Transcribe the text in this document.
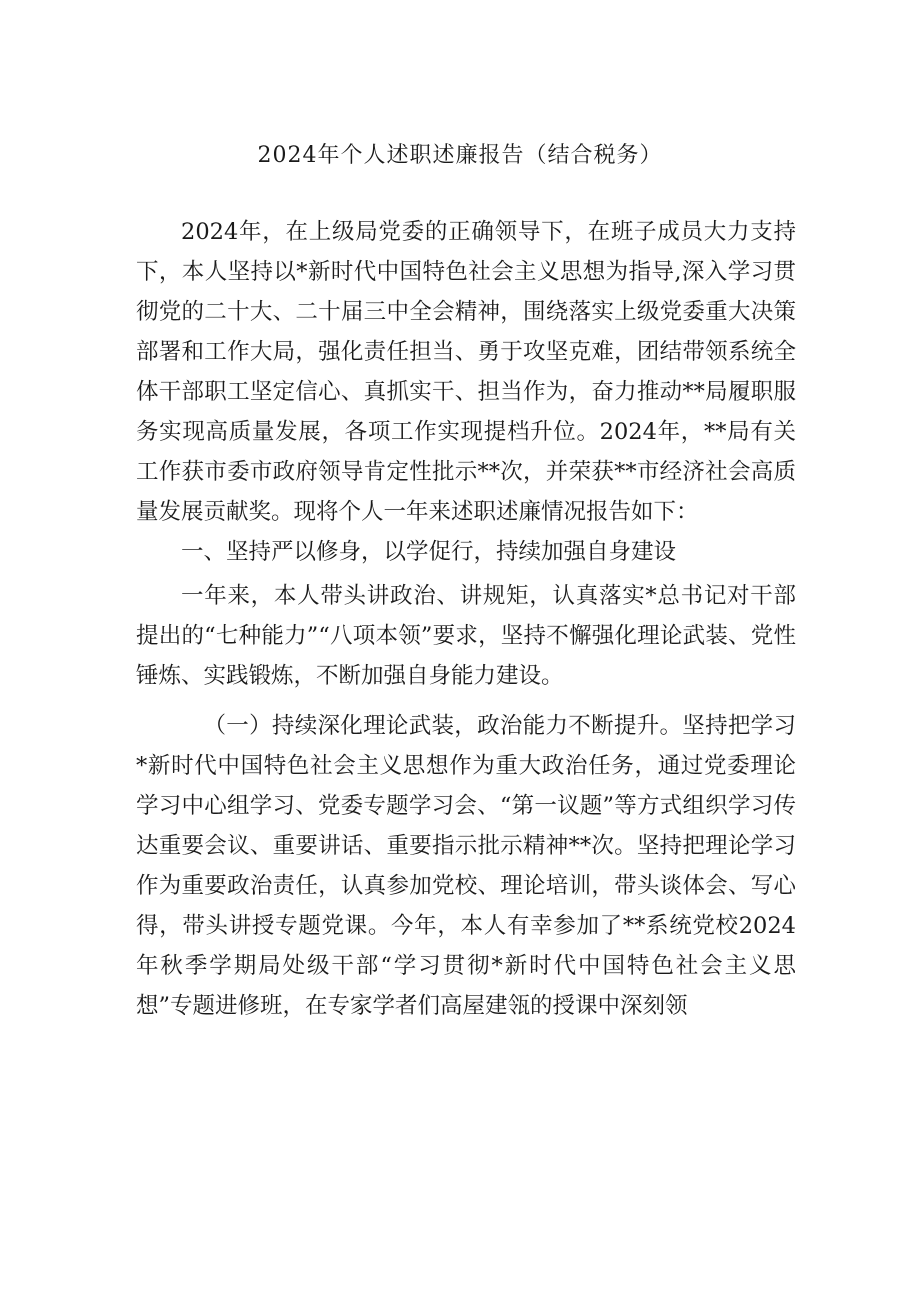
2024年个人述职述廉报告（结合税务）

2024年，在上级局党委的正确领导下，在班子成员大力支持下，本人坚持以*新时代中国特色社会主义思想为指导,深入学习贯彻党的二十大、二十届三中全会精神，围绕落实上级党委重大决策部署和工作大局，强化责任担当、勇于攻坚克难，团结带领系统全体干部职工坚定信心、真抓实干、担当作为，奋力推动**局履职服务实现高质量发展，各项工作实现提档升位。2024年，**局有关工作获市委市政府领导肯定性批示**次，并荣获**市经济社会高质量发展贡献奖。现将个人一年来述职述廉情况报告如下：

一、坚持严以修身，以学促行，持续加强自身建设

一年来，本人带头讲政治、讲规矩，认真落实*总书记对干部提出的“七种能力”“八项本领”要求，坚持不懈强化理论武装、党性锤炼、实践锻炼，不断加强自身能力建设。

（一）持续深化理论武装，政治能力不断提升。坚持把学习*新时代中国特色社会主义思想作为重大政治任务，通过党委理论学习中心组学习、党委专题学习会、“第一议题”等方式组织学习传达重要会议、重要讲话、重要指示批示精神**次。坚持把理论学习作为重要政治责任，认真参加党校、理论培训，带头谈体会、写心得，带头讲授专题党课。今年，本人有幸参加了**系统党校2024年秋季学期局处级干部“学习贯彻*新时代中国特色社会主义思想”专题进修班，在专家学者们高屋建瓴的授课中深刻领
